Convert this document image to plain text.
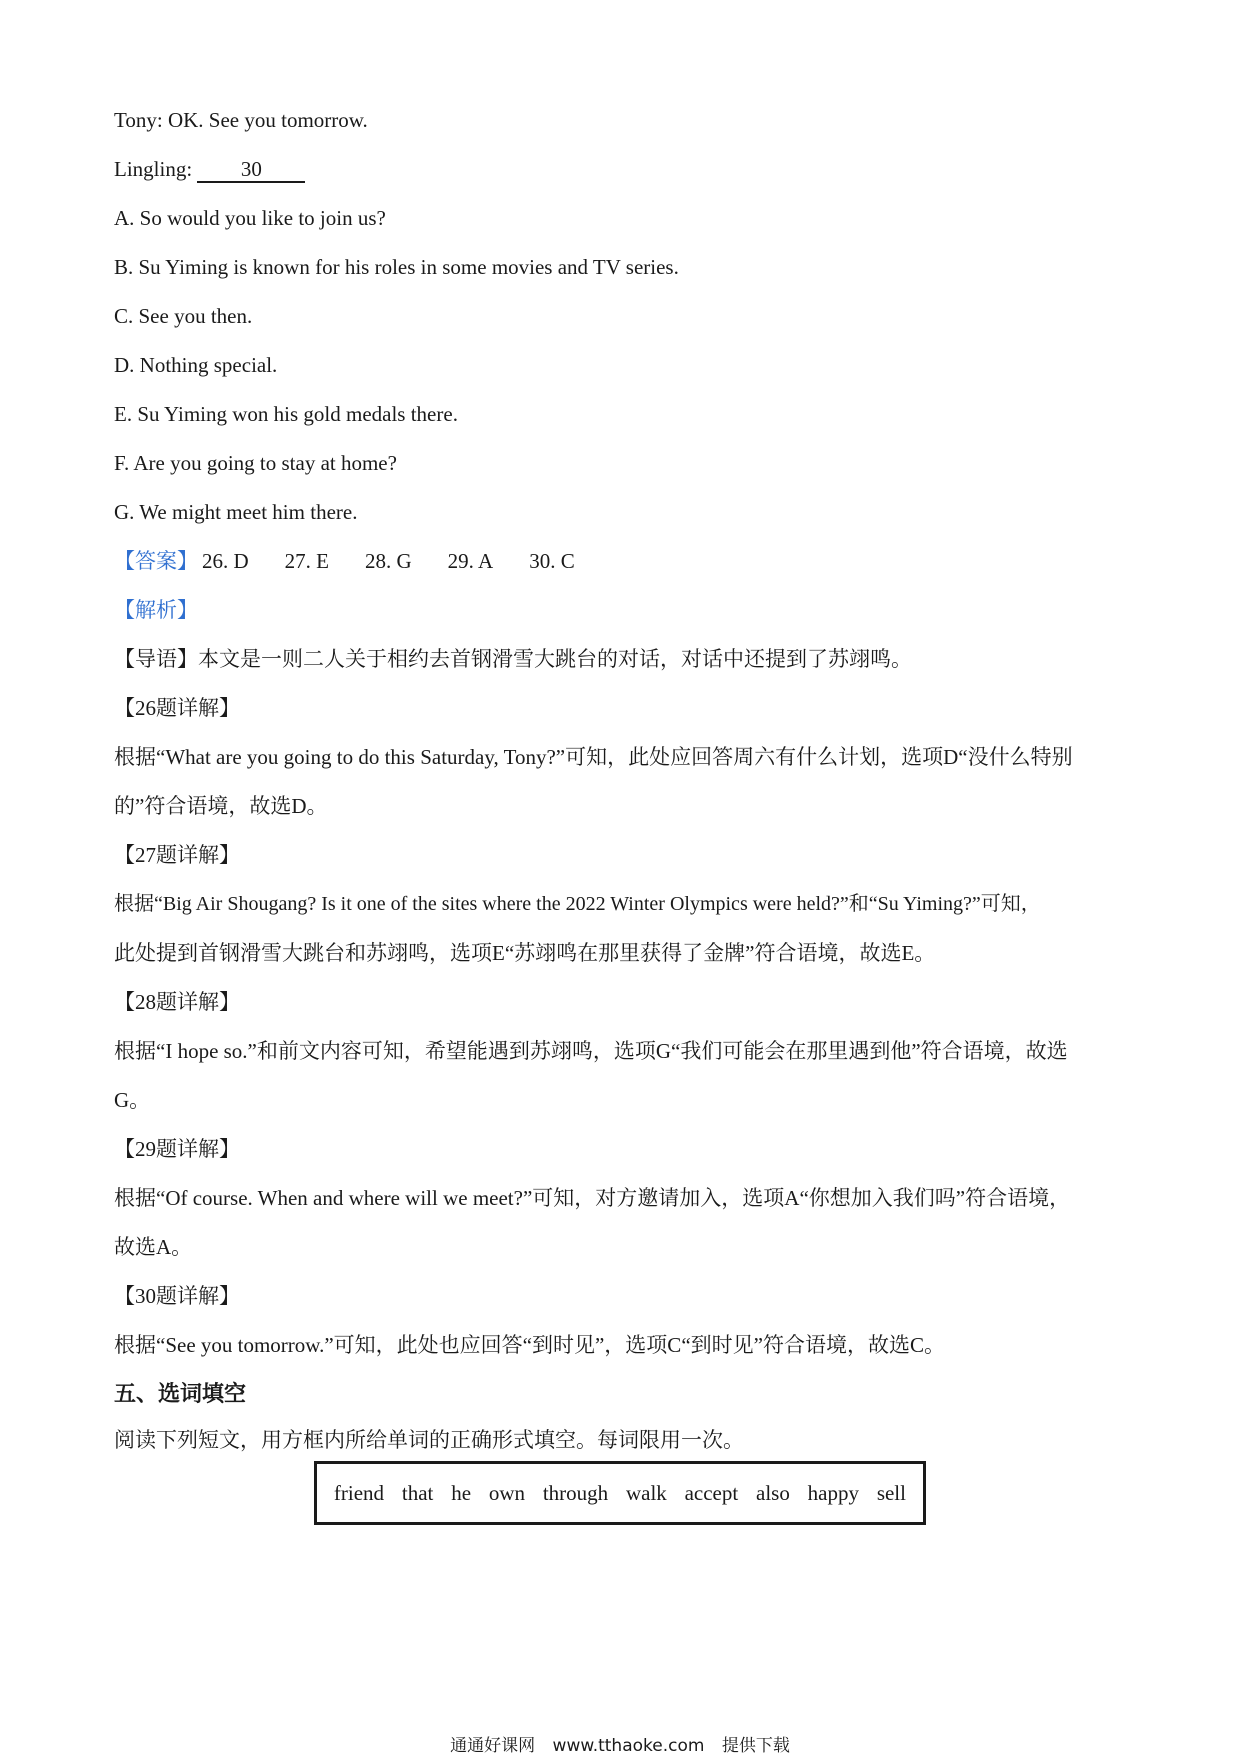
Tony: OK. See you tomorrow.
Lingling: 30
A. So would you like to join us?
B. Su Yiming is known for his roles in some movies and TV series.
C. See you then.
D. Nothing special.
E. Su Yiming won his gold medals there.
F. Are you going to stay at home?
G. We might meet him there.
【答案】 26. D 27. E 28. G 29. A 30. C
【解析】
【导语】本文是一则二人关于相约去首钢滑雪大跳台的对话，对话中还提到了苏翊鸣。
【26题详解】
根据“What are you going to do this Saturday, Tony?”可知，此处应回答周六有什么计划，选项D“没什么特别
的”符合语境，故选D。
【27题详解】
根据“Big Air Shougang? Is it one of the sites where the 2022 Winter Olympics were held?”和“Su Yiming?”可知，
此处提到首钢滑雪大跳台和苏翊鸣，选项E“苏翊鸣在那里获得了金牌”符合语境，故选E。
【28题详解】
根据“I hope so.”和前文内容可知，希望能遇到苏翊鸣，选项G“我们可能会在那里遇到他”符合语境，故选
G。
【29题详解】
根据“Of course. When and where will we meet?”可知，对方邀请加入，选项A“你想加入我们吗”符合语境，
故选A。
【30题详解】
根据“See you tomorrow.”可知，此处也应回答“到时见”，选项C“到时见”符合语境，故选C。
五、选词填空
阅读下列短文，用方框内所给单词的正确形式填空。每词限用一次。
friend that he own through walk accept also happy sell
通通好课网 www.tthaoke.com 提供下载
